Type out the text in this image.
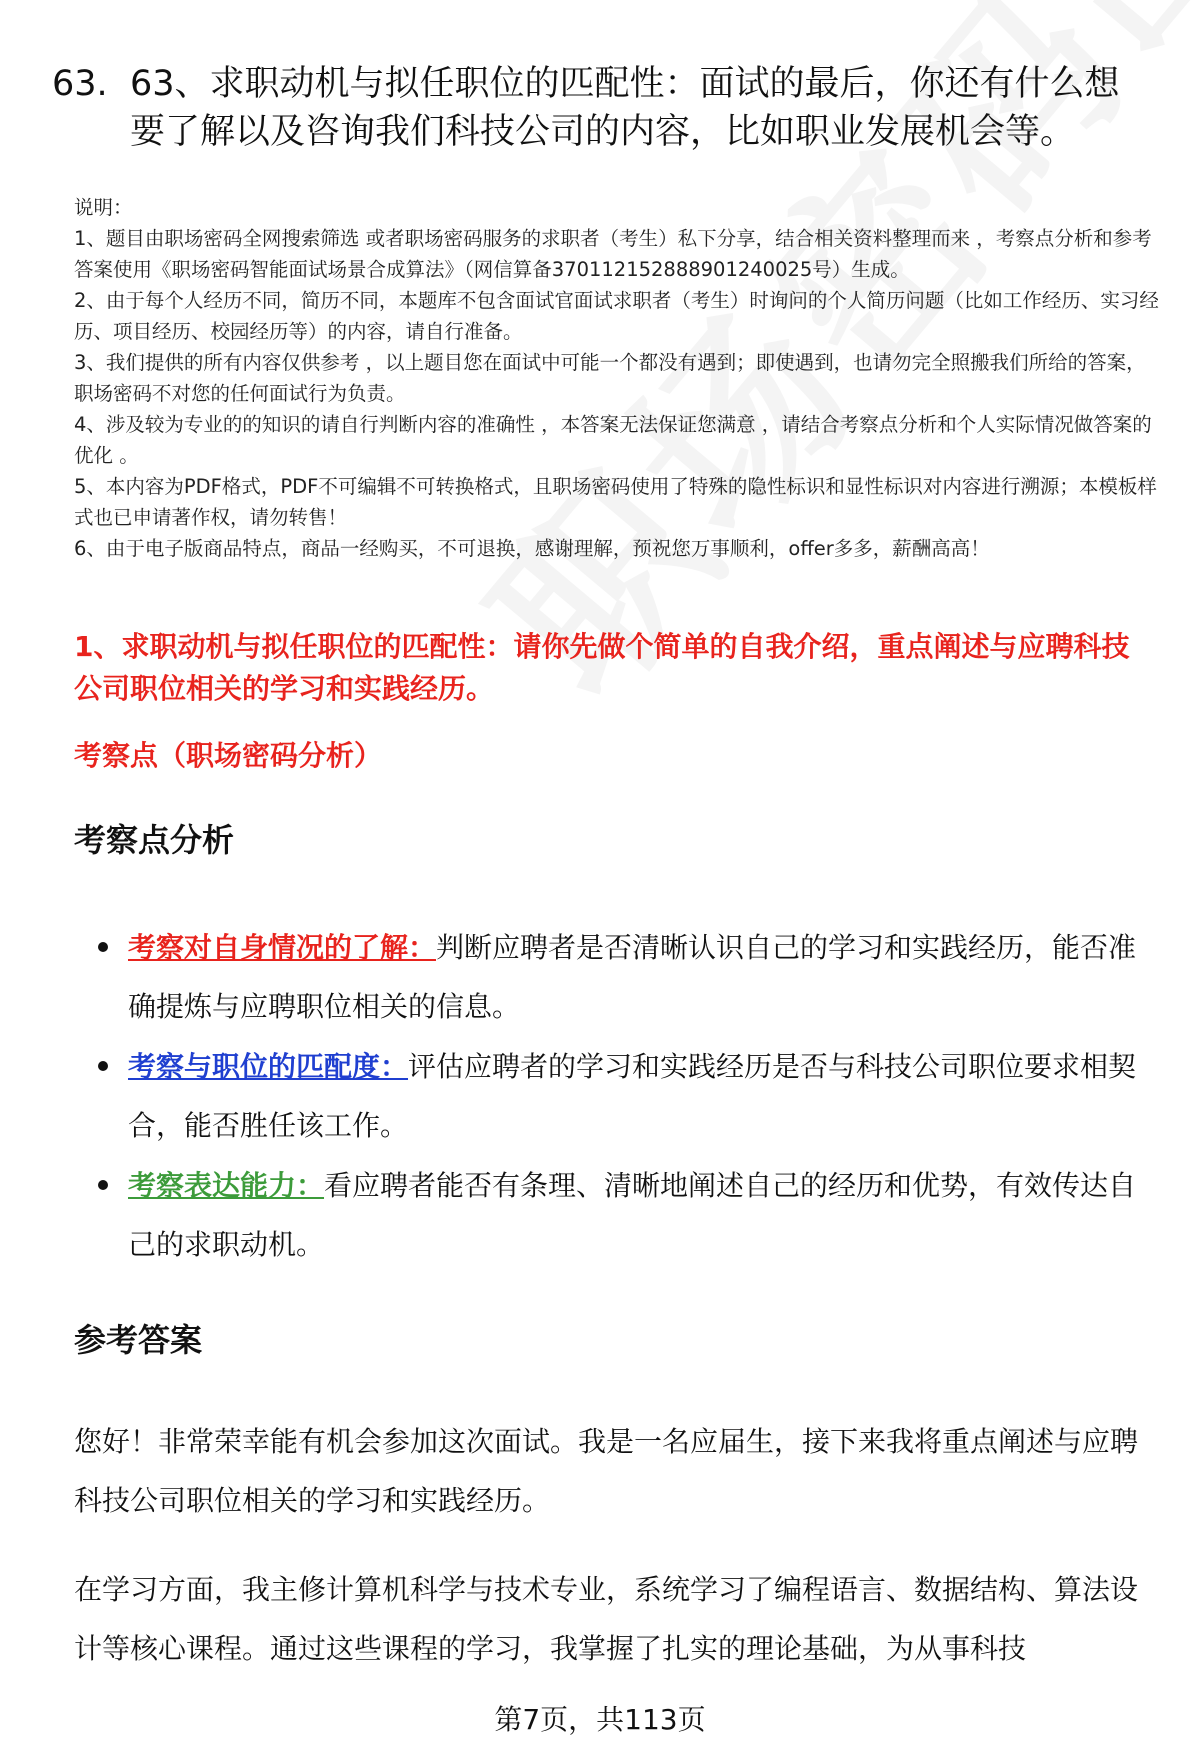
63. 63、求职动机与拟任职位的匹配性：面试的最后，你还有什么想要了解以及咨询我们科技公司的内容，比如职业发展机会等。

说明：

1、题目由职场密码全网搜索筛选 或者职场密码服务的求职者（考生）私下分享，结合相关资料整理而来 ，考察点分析和参考答案使用《职场密码智能面试场景合成算法》（网信算备370112152888901240025号）生成。

2、由于每个人经历不同，简历不同，本题库不包含面试官面试求职者（考生）时询问的个人简历问题（比如工作经历、实习经历、项目经历、校园经历等）的内容，请自行准备。

3、我们提供的所有内容仅供参考 ，以上题目您在面试中可能一个都没有遇到；即使遇到，也请勿完全照搬我们所给的答案，职场密码不对您的任何面试行为负责。

4、涉及较为专业的的知识的请自行判断内容的准确性 ，本答案无法保证您满意 ，请结合考察点分析和个人实际情况做答案的优化 。

5、本内容为PDF格式，PDF不可编辑不可转换格式，且职场密码使用了特殊的隐性标识和显性标识对内容进行溯源；本模板样式也已申请著作权，请勿转售！

6、由于电子版商品特点，商品一经购买，不可退换，感谢理解，预祝您万事顺利，offer多多，薪酬高高！

1、求职动机与拟任职位的匹配性：请你先做个简单的自我介绍，重点阐述与应聘科技公司职位相关的学习和实践经历。
考察点（职场密码分析）
考察点分析
考察对自身情况的了解：判断应聘者是否清晰认识自己的学习和实践经历，能否准确提炼与应聘职位相关的信息。
考察与职位的匹配度：评估应聘者的学习和实践经历是否与科技公司职位要求相契合，能否胜任该工作。
考察表达能力：看应聘者能否有条理、清晰地阐述自己的经历和优势，有效传达自己的求职动机。
参考答案

您好！非常荣幸能有机会参加这次面试。我是一名应届生，接下来我将重点阐述与应聘科技公司职位相关的学习和实践经历。

在学习方面，我主修计算机科学与技术专业，系统学习了编程语言、数据结构、算法设计等核心课程。通过这些课程的学习，我掌握了扎实的理论基础，为从事科技

第7页，共113页
